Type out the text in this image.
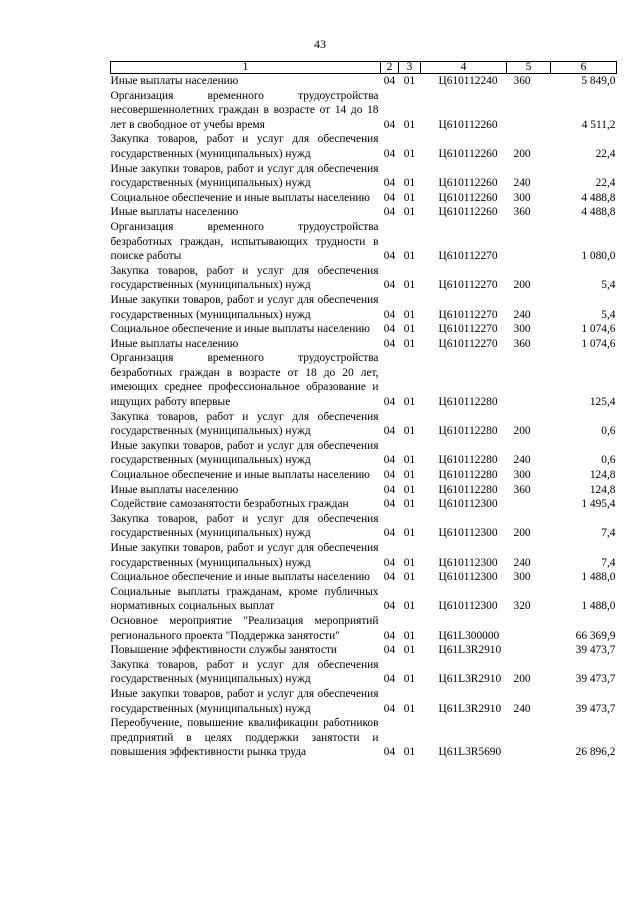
43
1	2	3	4	5	6
Иные выплаты населению	04	01	Ц610112240	360	5 849,0
Организация временного трудоустройства несовершеннолетних граждан в возрасте от 14 до 18 лет в свободное от учебы время	04	01	Ц610112260		4 511,2
Закупка товаров, работ и услуг для обеспечения государственных (муниципальных) нужд	04	01	Ц610112260	200	22,4
Иные закупки товаров, работ и услуг для обеспечения государственных (муниципальных) нужд	04	01	Ц610112260	240	22,4
Социальное обеспечение и иные выплаты населению	04	01	Ц610112260	300	4 488,8
Иные выплаты населению	04	01	Ц610112260	360	4 488,8
Организация временного трудоустройства безработных граждан, испытывающих трудности в поиске работы	04	01	Ц610112270		1 080,0
Закупка товаров, работ и услуг для обеспечения государственных (муниципальных) нужд	04	01	Ц610112270	200	5,4
Иные закупки товаров, работ и услуг для обеспечения государственных (муниципальных) нужд	04	01	Ц610112270	240	5,4
Социальное обеспечение и иные выплаты населению	04	01	Ц610112270	300	1 074,6
Иные выплаты населению	04	01	Ц610112270	360	1 074,6
Организация временного трудоустройства безработных граждан в возрасте от 18 до 20 лет, имеющих среднее профессиональное образование и ищущих работу впервые	04	01	Ц610112280		125,4
Закупка товаров, работ и услуг для обеспечения государственных (муниципальных) нужд	04	01	Ц610112280	200	0,6
Иные закупки товаров, работ и услуг для обеспечения государственных (муниципальных) нужд	04	01	Ц610112280	240	0,6
Социальное обеспечение и иные выплаты населению	04	01	Ц610112280	300	124,8
Иные выплаты населению	04	01	Ц610112280	360	124,8
Содействие самозанятости безработных граждан	04	01	Ц610112300		1 495,4
Закупка товаров, работ и услуг для обеспечения государственных (муниципальных) нужд	04	01	Ц610112300	200	7,4
Иные закупки товаров, работ и услуг для обеспечения государственных (муниципальных) нужд	04	01	Ц610112300	240	7,4
Социальное обеспечение и иные выплаты населению	04	01	Ц610112300	300	1 488,0
Социальные выплаты гражданам, кроме публичных нормативных социальных выплат	04	01	Ц610112300	320	1 488,0
Основное мероприятие "Реализация мероприятий регионального проекта "Поддержка занятости"	04	01	Ц61L300000		66 369,9
Повышение эффективности службы занятости	04	01	Ц61L3R2910		39 473,7
Закупка товаров, работ и услуг для обеспечения государственных (муниципальных) нужд	04	01	Ц61L3R2910	200	39 473,7
Иные закупки товаров, работ и услуг для обеспечения государственных (муниципальных) нужд	04	01	Ц61L3R2910	240	39 473,7
Переобучение, повышение квалификации работников предприятий в целях поддержки занятости и повышения эффективности рынка труда	04	01	Ц61L3R5690		26 896,2
